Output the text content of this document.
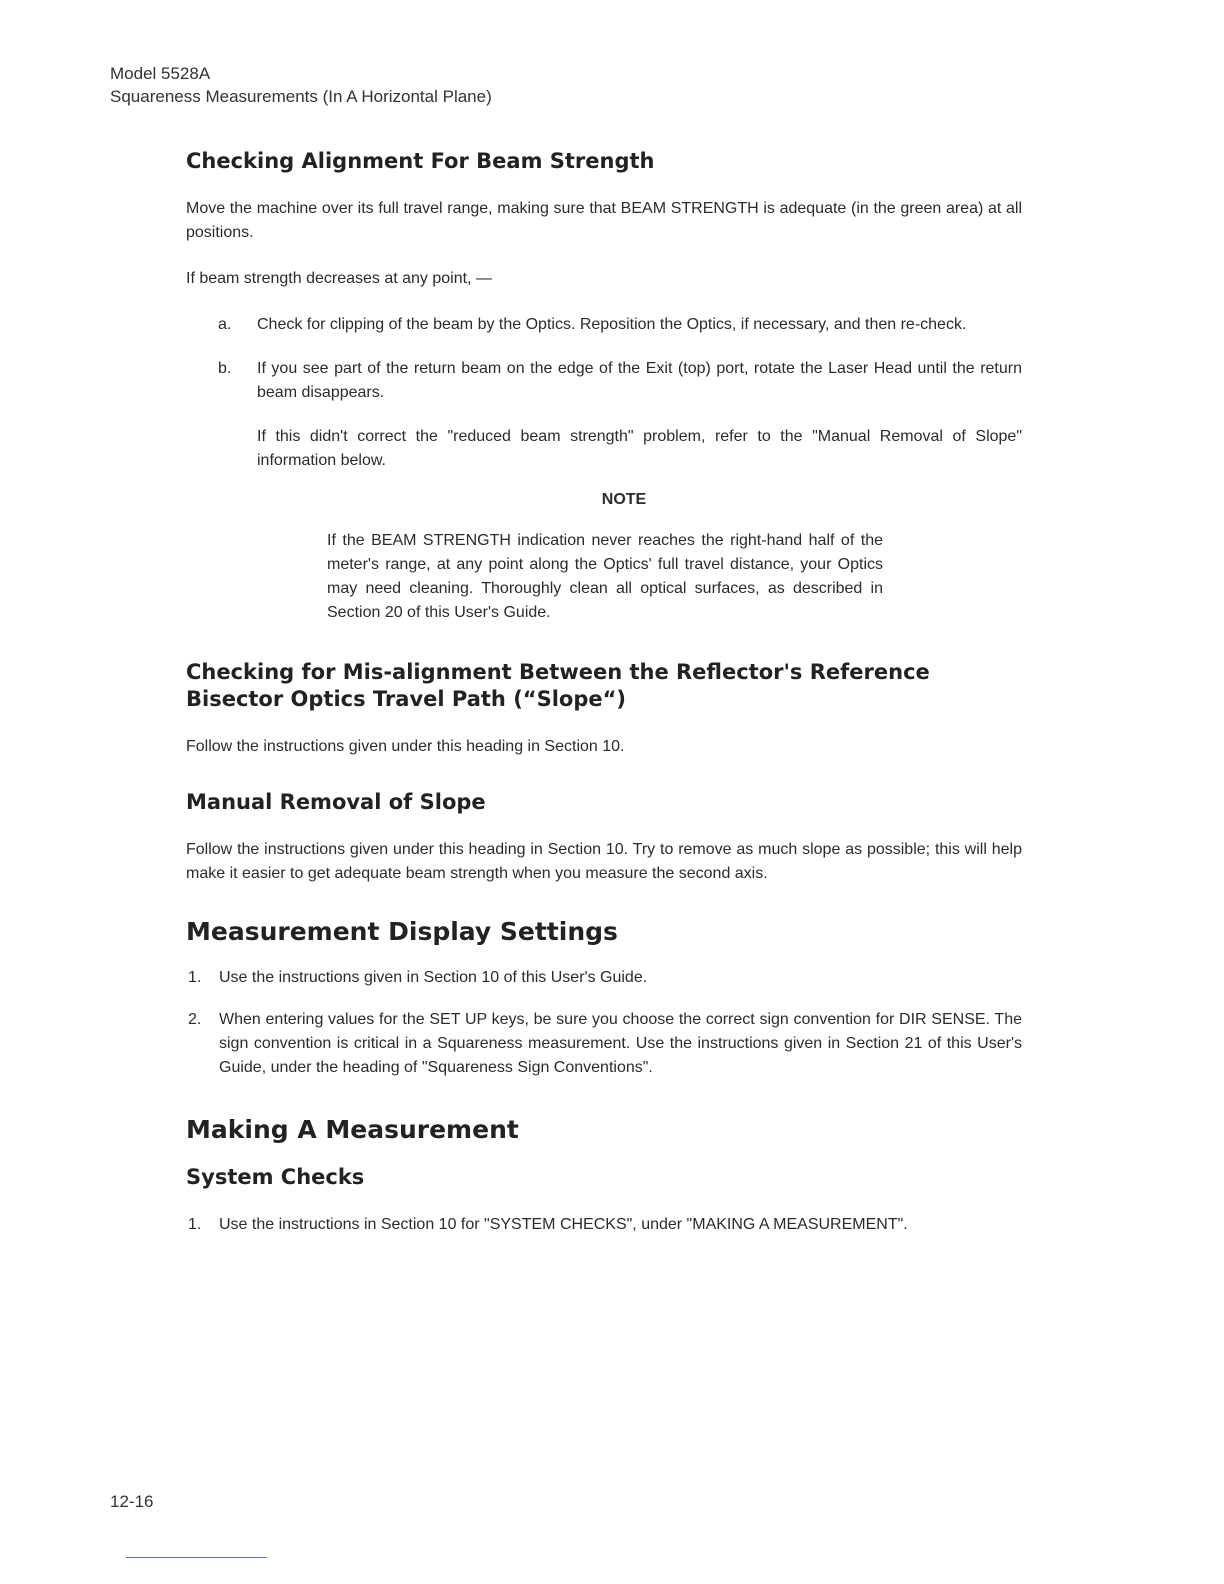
Model 5528A
Squareness Measurements (In A Horizontal Plane)
Checking Alignment For Beam Strength

Move the machine over its full travel range, making sure that BEAM STRENGTH is adequate (in the green area) at all positions.

If beam strength decreases at any point, —

a. Check for clipping of the beam by the Optics. Reposition the Optics, if necessary, and then re-check.
b. If you see part of the return beam on the edge of the Exit (top) port, rotate the Laser Head until the return beam disappears.

If this didn't correct the "reduced beam strength" problem, refer to the "Manual Removal of Slope" information below.

NOTE

If the BEAM STRENGTH indication never reaches the right-hand half of the meter's range, at any point along the Optics' full travel distance, your Optics may need cleaning. Thoroughly clean all optical surfaces, as described in Section 20 of this User's Guide.

Checking for Mis-alignment Between the Reflector's Reference Bisector Optics Travel Path (“Slope“)

Follow the instructions given under this heading in Section 10.

Manual Removal of Slope

Follow the instructions given under this heading in Section 10. Try to remove as much slope as possible; this will help make it easier to get adequate beam strength when you measure the second axis.

Measurement Display Settings
1. Use the instructions given in Section 10 of this User's Guide.
2. When entering values for the SET UP keys, be sure you choose the correct sign convention for DIR SENSE. The sign convention is critical in a Squareness measurement. Use the instructions given in Section 21 of this User's Guide, under the heading of "Squareness Sign Conventions".
Making A Measurement
System Checks
1. Use the instructions in Section 10 for "SYSTEM CHECKS", under "MAKING A MEASUREMENT".
12-16
